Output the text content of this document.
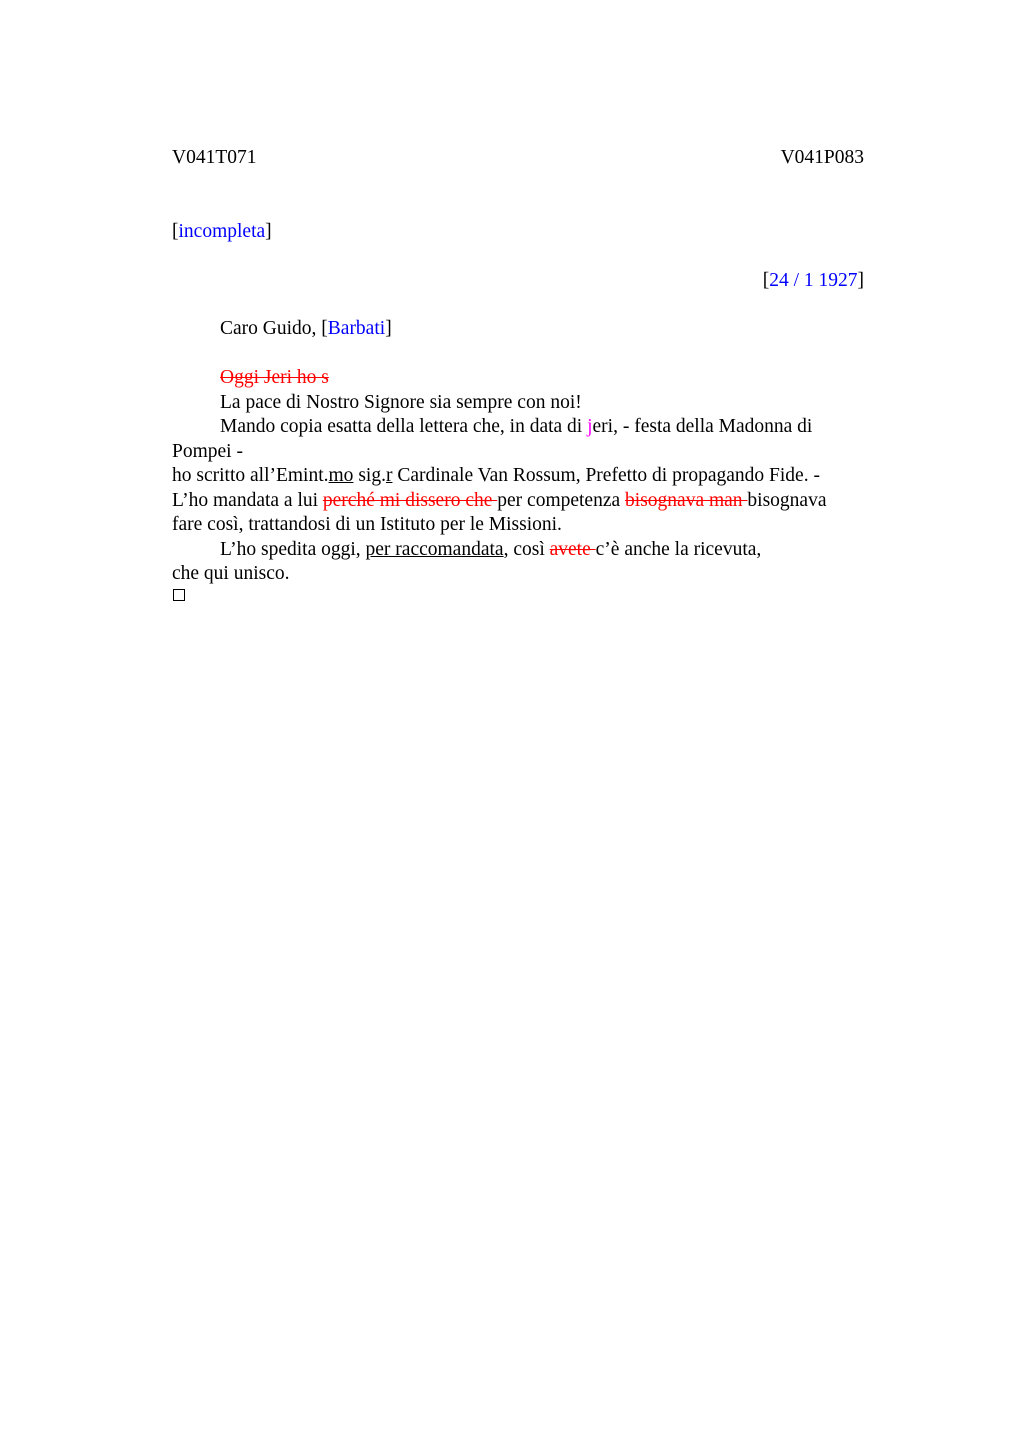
V041T071	V041P083
[incompleta]
[24 / 1 1927]
Caro Guido, [Barbati]
Oggi Jeri ho s
La pace di Nostro Signore sia sempre con noi!
Mando copia esatta della lettera che, in data di jeri, - festa della Madonna di
Pompei -
ho scritto all’Emint.mo sig.r Cardinale Van Rossum, Prefetto di propagando Fide. -
L’ho mandata a lui perché mi dissero che per competenza bisognava man bisognava
fare così, trattandosi di un Istituto per le Missioni.
L’ho spedita oggi, per raccomandata, così avete c’è anche la ricevuta,
che qui unisco.
